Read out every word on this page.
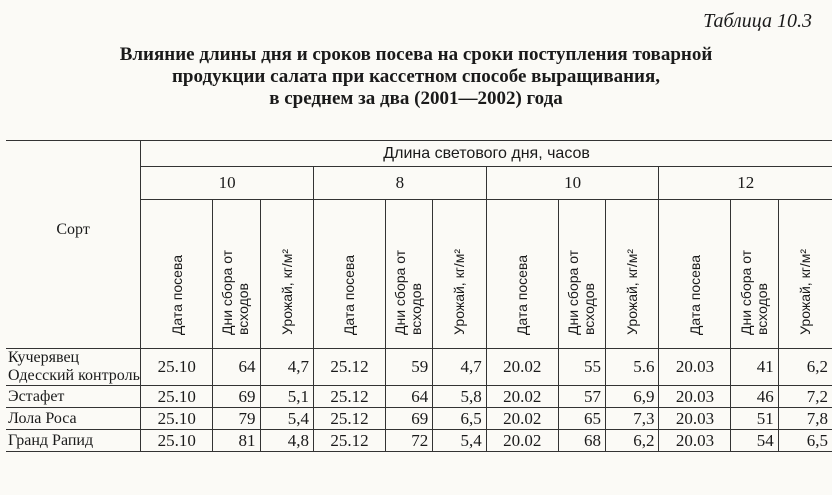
Таблица 10.3
Влияние длины дня и сроков посева на сроки поступления товарной
продукции салата при кассетном способе выращивания,
в среднем за два (2001—2002) года
Сорт	Длина светового дня, часов											
	10			8			10			12		
	Дата посева	Дни сбора от всходов	Урожай, кг/м²	Дата посева	Дни сбора от всходов	Урожай, кг/м²	Дата посева	Дни сбора от всходов	Урожай, кг/м²	Дата посева	Дни сбора от всходов	Урожай, кг/м²
Кучерявец Одесский контроль	25.10	64	4,7	25.12	59	4,7	20.02	55	5.6	20.03	41	6,2
Эстафет	25.10	69	5,1	25.12	64	5,8	20.02	57	6,9	20.03	46	7,2
Лола Роса	25.10	79	5,4	25.12	69	6,5	20.02	65	7,3	20.03	51	7,8
Гранд Рапид	25.10	81	4,8	25.12	72	5,4	20.02	68	6,2	20.03	54	6,5
